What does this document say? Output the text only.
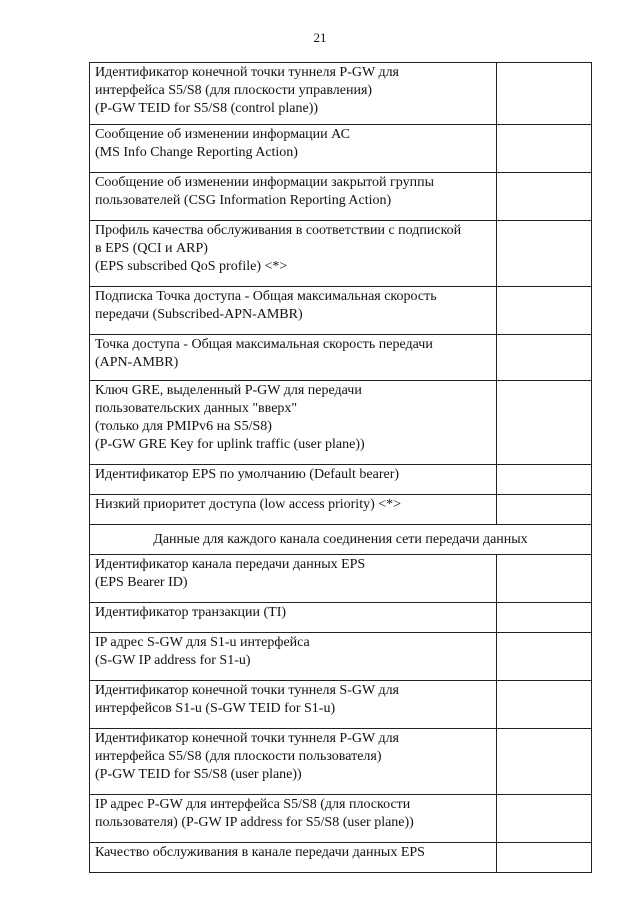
21
Идентификатор конечной точки туннеля P-GW для
интерфейса S5/S8 (для плоскости управления)
(P-GW TEID for S5/S8 (control plane))	
Сообщение об изменении информации АС
(MS Info Change Reporting Action)	
Сообщение об изменении информации закрытой группы
пользователей (CSG Information Reporting Action)	
Профиль качества обслуживания в соответствии с подпиской
в EPS (QCI и ARP)
(EPS subscribed QoS profile) <*>	
Подписка Точка доступа - Общая максимальная скорость
передачи (Subscribed-APN-AMBR)	
Точка доступа - Общая максимальная скорость передачи
(APN-AMBR)	
Ключ GRE, выделенный P-GW для передачи
пользовательских данных "вверх"
(только для PMIPv6 на S5/S8)
(P-GW GRE Key for uplink traffic (user plane))	
Идентификатор EPS по умолчанию (Default bearer)	
Низкий приоритет доступа (low access priority) <*>	
Данные для каждого канала соединения сети передачи данных	
Идентификатор канала передачи данных EPS
(EPS Bearer ID)	
Идентификатор транзакции (TI)	
IP адрес S-GW для S1-u интерфейса
(S-GW IP address for S1-u)	
Идентификатор конечной точки туннеля S-GW для
интерфейсов S1-u (S-GW TEID for S1-u)	
Идентификатор конечной точки туннеля P-GW для
интерфейса S5/S8 (для плоскости пользователя)
(P-GW TEID for S5/S8 (user plane))	
IP адрес P-GW для интерфейса S5/S8 (для плоскости
пользователя) (P-GW IP address for S5/S8 (user plane))	
Качество обслуживания в канале передачи данных EPS	
